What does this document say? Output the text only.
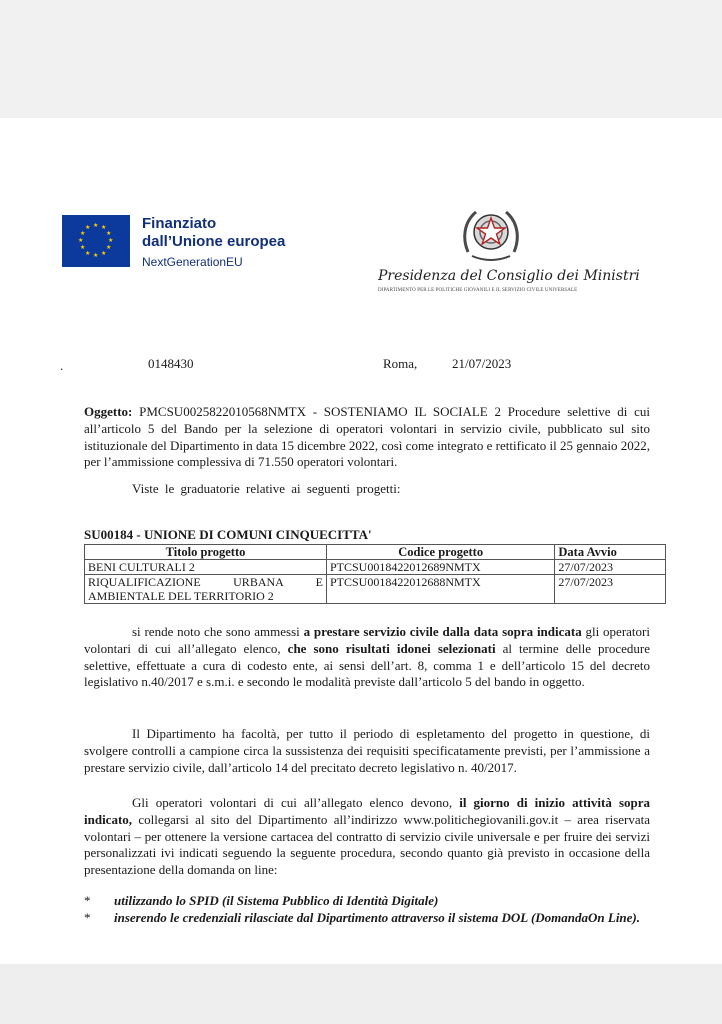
★ ★
★
★
★
★
★
★
★
★
★
★	Finanziato
dall’Unione europea
NextGenerationEU
Presidenza del Consiglio dei Ministri
DIPARTIMENTO PER LE POLITICHE GIOVANILI E IL SERVIZIO CIVILE UNIVERSALE
.	0148430	Roma,	21/07/2023
Oggetto: PMCSU0025822010568NMTX - SOSTENIAMO IL SOCIALE 2 Procedure selettive di cui all’articolo 5 del Bando per la selezione di operatori volontari in servizio civile, pubblicato sul sito istituzionale del Dipartimento in data 15 dicembre 2022, così come integrato e rettificato il 25 gennaio 2022, per l’ammissione complessiva di 71.550 operatori volontari.
Viste le graduatorie relative ai seguenti progetti:
SU00184 - UNIONE DI COMUNI CINQUECITTA'
Titolo progetto	Codice progetto	Data Avvio
BENI CULTURALI 2	PTCSU0018422012689NMTX	27/07/2023
RIQUALIFICAZIONE URBANA E AMBIENTALE DEL TERRITORIO 2	PTCSU0018422012688NMTX	27/07/2023
si rende noto che sono ammessi a prestare servizio civile dalla data sopra indicata gli operatori volontari di cui all’allegato elenco, che sono risultati idonei selezionati al termine delle procedure selettive, effettuate a cura di codesto ente, ai sensi dell’art. 8, comma 1 e dell’articolo 15 del decreto legislativo n.40/2017 e s.m.i. e secondo le modalità previste dall’articolo 5 del bando in oggetto.
Il Dipartimento ha facoltà, per tutto il periodo di espletamento del progetto in questione, di svolgere controlli a campione circa la sussistenza dei requisiti specificatamente previsti, per l’ammissione a prestare servizio civile, dall’articolo 14 del precitato decreto legislativo n. 40/2017.
Gli operatori volontari di cui all’allegato elenco devono, il giorno di inizio attività sopra indicato, collegarsi al sito del Dipartimento all’indirizzo www.politichegiovanili.gov.it – area riservata volontari – per ottenere la versione cartacea del contratto di servizio civile universale e per fruire dei servizi personalizzati ivi indicati seguendo la seguente procedura, secondo quanto già previsto in occasione della presentazione della domanda on line:
* utilizzando lo SPID (il Sistema Pubblico di Identità Digitale)
* inserendo le credenziali rilasciate dal Dipartimento attraverso il sistema DOL (DomandaOn Line).
